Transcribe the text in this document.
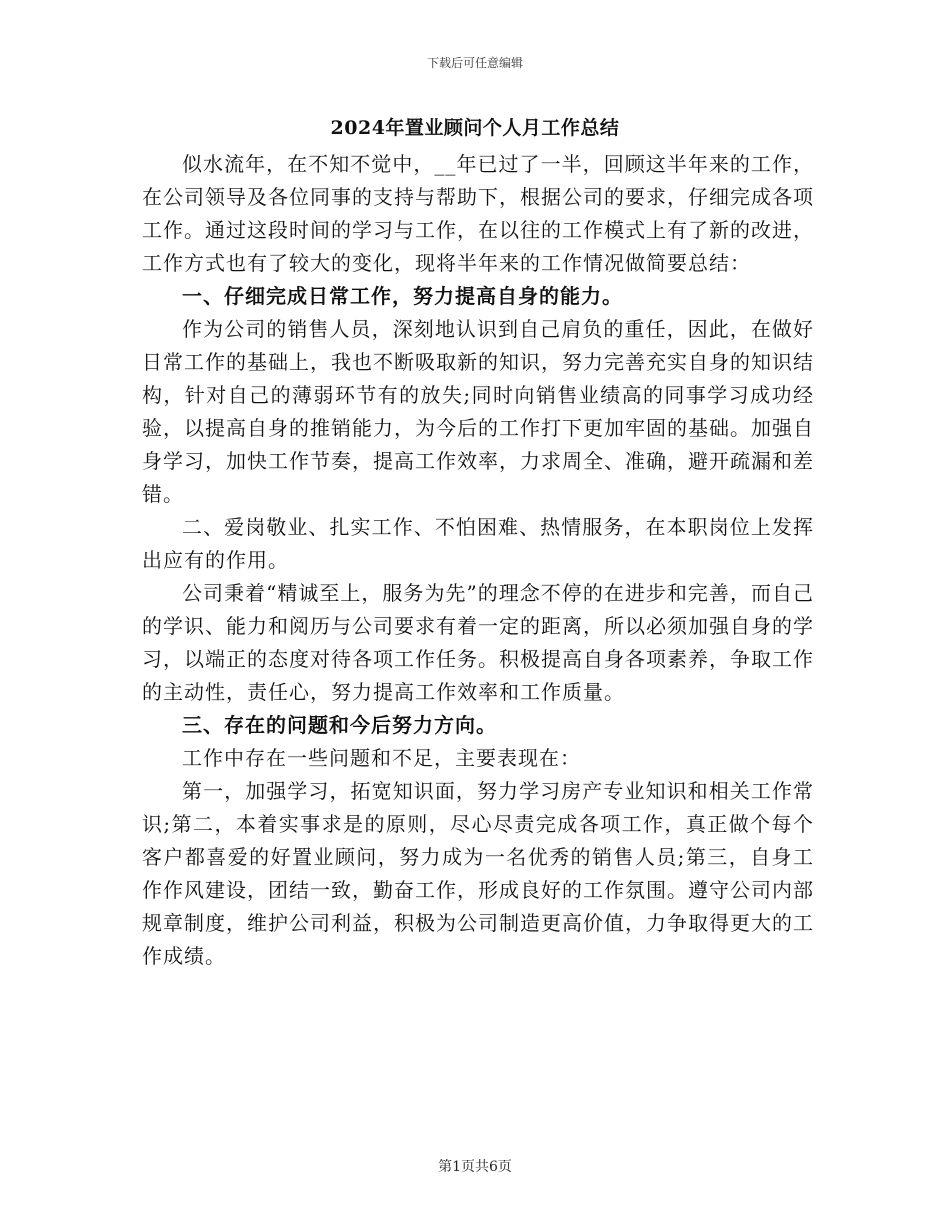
下载后可任意编辑
2024年置业顾问个人月工作总结

似水流年，在不知不觉中，__年已过了一半，回顾这半年来的工作，在公司领导及各位同事的支持与帮助下，根据公司的要求，仔细完成各项工作。通过这段时间的学习与工作，在以往的工作模式上有了新的改进，工作方式也有了较大的变化，现将半年来的工作情况做简要总结：

一、仔细完成日常工作，努力提高自身的能力。

作为公司的销售人员，深刻地认识到自己肩负的重任，因此，在做好日常工作的基础上，我也不断吸取新的知识，努力完善充实自身的知识结构，针对自己的薄弱环节有的放失;同时向销售业绩高的同事学习成功经验，以提高自身的推销能力，为今后的工作打下更加牢固的基础。加强自身学习，加快工作节奏，提高工作效率，力求周全、准确，避开疏漏和差错。

二、爱岗敬业、扎实工作、不怕困难、热情服务，在本职岗位上发挥出应有的作用。

公司秉着“精诚至上，服务为先”的理念不停的在进步和完善，而自己的学识、能力和阅历与公司要求有着一定的距离，所以必须加强自身的学习，以端正的态度对待各项工作任务。积极提高自身各项素养，争取工作的主动性，责任心，努力提高工作效率和工作质量。

三、存在的问题和今后努力方向。

工作中存在一些问题和不足，主要表现在：

第一，加强学习，拓宽知识面，努力学习房产专业知识和相关工作常识;第二，本着实事求是的原则，尽心尽责完成各项工作，真正做个每个客户都喜爱的好置业顾问，努力成为一名优秀的销售人员;第三，自身工作作风建设，团结一致，勤奋工作，形成良好的工作氛围。遵守公司内部规章制度，维护公司利益，积极为公司制造更高价值，力争取得更大的工作成绩。

第1页共6页
